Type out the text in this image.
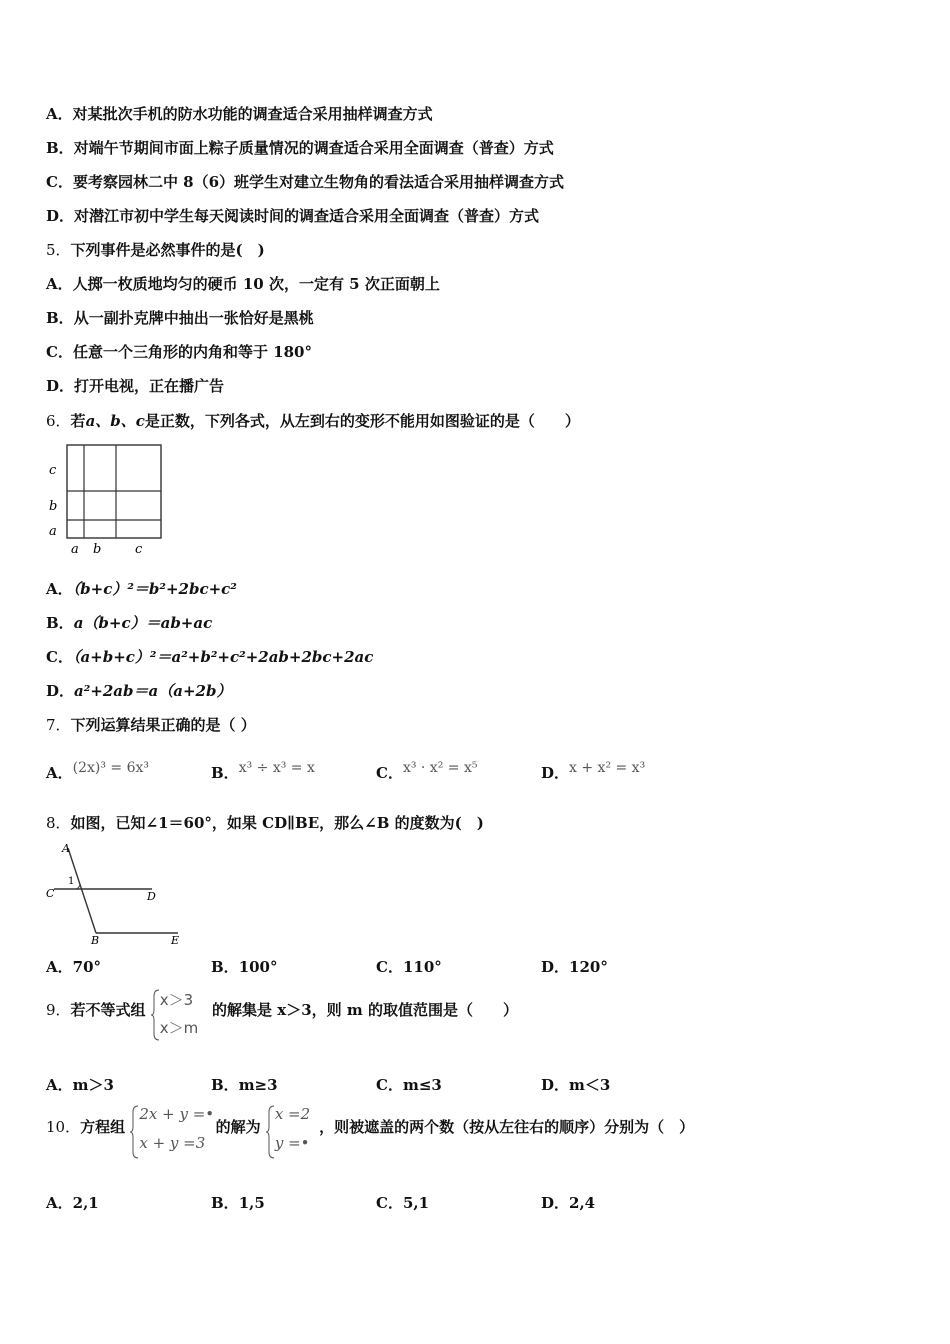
A．对某批次手机的防水功能的调查适合采用抽样调查方式
B．对端午节期间市面上粽子质量情况的调查适合采用全面调查（普查）方式
C．要考察园林二中 8（6）班学生对建立生物角的看法适合采用抽样调查方式
D．对潜江市初中学生每天阅读时间的调查适合采用全面调查（普查）方式
5．下列事件是必然事件的是(　)
A．人掷一枚质地均匀的硬币 10 次，一定有 5 次正面朝上
B．从一副扑克牌中抽出一张恰好是黑桃
C．任意一个三角形的内角和等于 180°
D．打开电视，正在播广告
6．若a、b、c是正数，下列各式，从左到右的变形不能用如图验证的是（　　）
c
b
a
a b	c
A．（b+c）²＝b²+2bc+c²
B．a（b+c）＝ab+ac
C．（a+b+c）²＝a²+b²+c²+2ab+2bc+2ac
D．a²+2ab＝a（a+2b）
7．下列运算结果正确的是（ ）
A．(2x)³ = 6x³	B．x³ ÷ x³ = x	C．x³ · x² = x⁵	D．x + x² = x³
8．如图，已知∠1＝60°，如果 CD∥BE，那么∠B 的度数为(　)
A
1
C	D
B	E
A．70°	B．100°	C．110°	D．120°
9．若不等式组
x＞3
x＞m
的解集是 x＞3，则 m 的取值范围是（　　）
A．m＞3	B．m≥3	C．m≤3	D．m＜3
10．方程组
2x + y =•
x + y =3
的解为
x =2
y =•
，则被遮盖的两个数（按从左往右的顺序）分别为（　）
A．2,1	B．1,5	C．5,1	D．2,4
